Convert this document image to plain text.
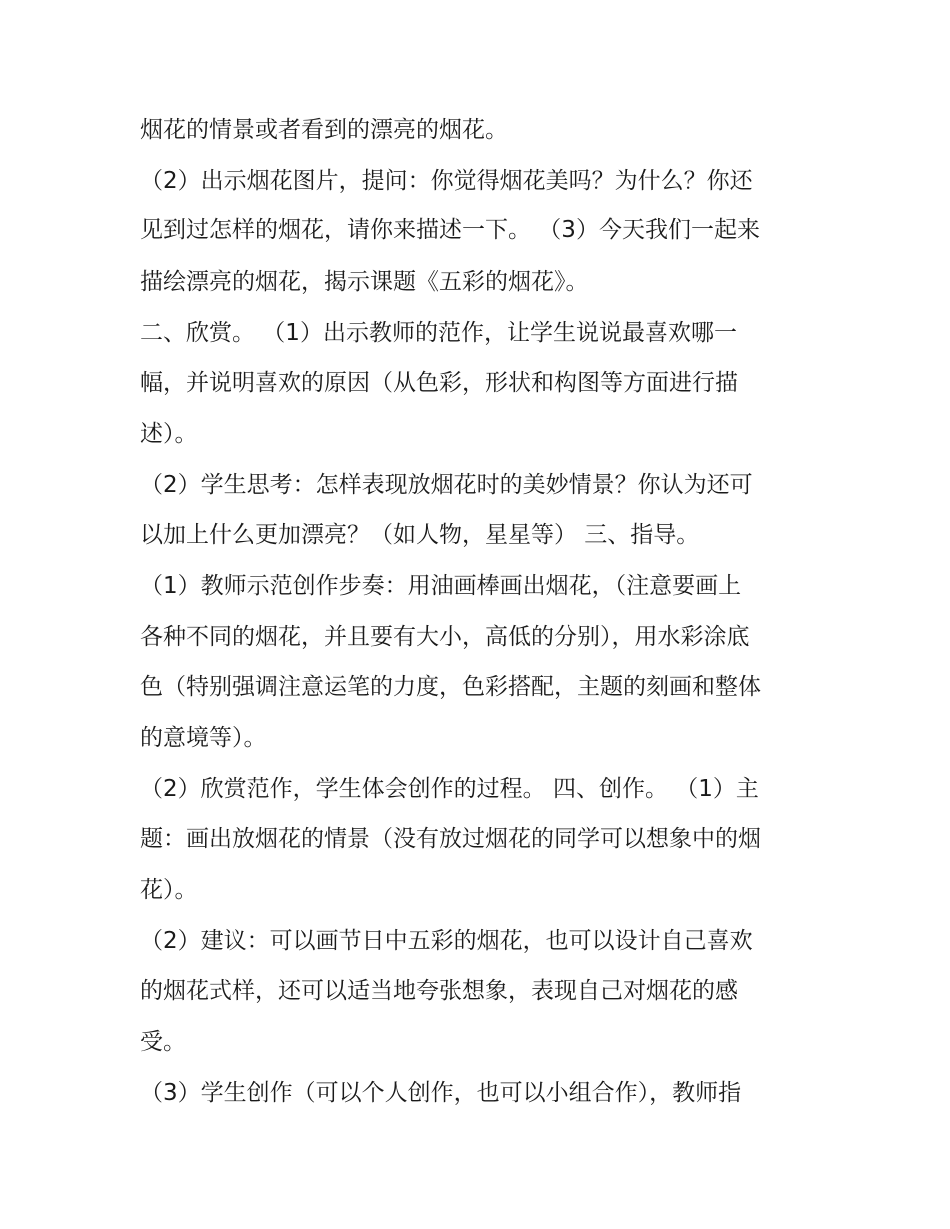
烟花的情景或者看到的漂亮的烟花。
（2）出示烟花图片，提问：你觉得烟花美吗？为什么？你还
见到过怎样的烟花，请你来描述一下。 （3）今天我们一起来
描绘漂亮的烟花，揭示课题《五彩的烟花》。
二、欣赏。 （1）出示教师的范作，让学生说说最喜欢哪一
幅，并说明喜欢的原因（从色彩，形状和构图等方面进行描
述）。
（2）学生思考：怎样表现放烟花时的美妙情景？你认为还可
以加上什么更加漂亮？（如人物，星星等） 三、指导。
（1）教师示范创作步奏：用油画棒画出烟花，（注意要画上
各种不同的烟花，并且要有大小，高低的分别），用水彩涂底
色（特别强调注意运笔的力度，色彩搭配，主题的刻画和整体
的意境等）。
（2）欣赏范作，学生体会创作的过程。 四、创作。 （1）主
题：画出放烟花的情景（没有放过烟花的同学可以想象中的烟
花）。
（2）建议：可以画节日中五彩的烟花，也可以设计自己喜欢
的烟花式样，还可以适当地夸张想象，表现自己对烟花的感
受。
（3）学生创作（可以个人创作，也可以小组合作），教师指
